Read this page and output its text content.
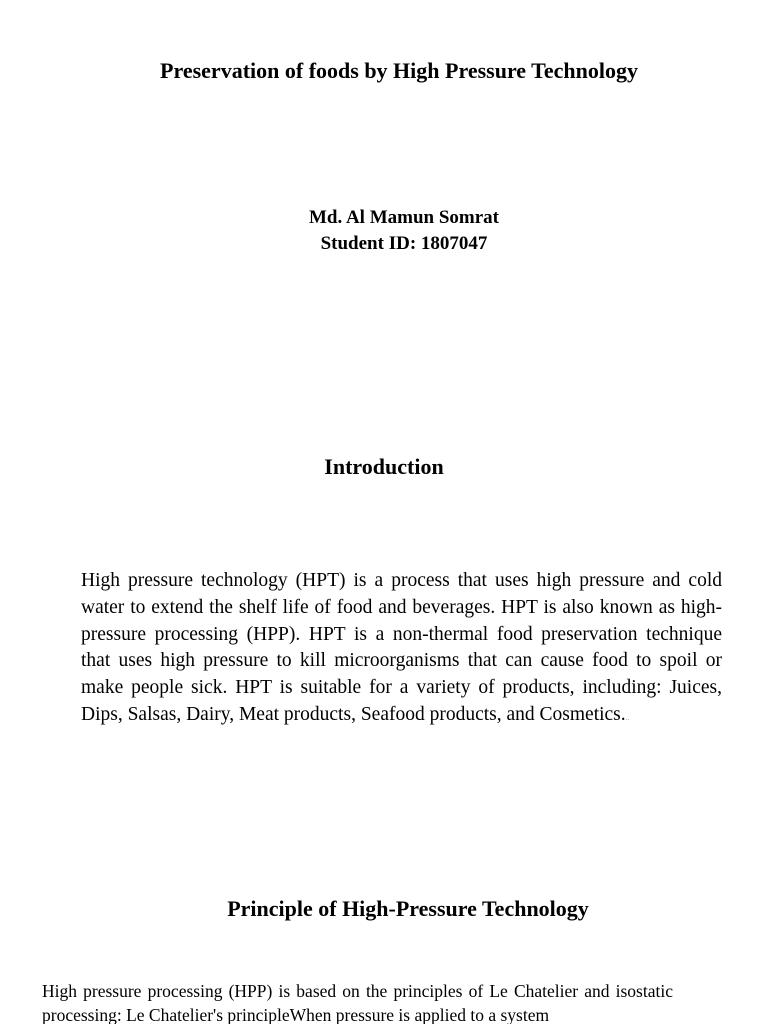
Preservation of foods by High Pressure Technology
Md. Al Mamun Somrat
Student ID: 1807047
Introduction
High pressure technology (HPT) is a process that uses high pressure and cold water to extend the shelf life of food and beverages. HPT is also known as high-pressure processing (HPP). HPT is a non-thermal food preservation technique that uses high pressure to kill microorganisms that can cause food to spoil or make people sick. HPT is suitable for a variety of products, including: Juices, Dips, Salsas, Dairy, Meat products, Seafood products, and Cosmetics...
Principle of High-Pressure Technology
High pressure processing (HPP) is based on the principles of Le Chatelier and isostatic processing: Le Chatelier's principleWhen pressure is applied to a system
